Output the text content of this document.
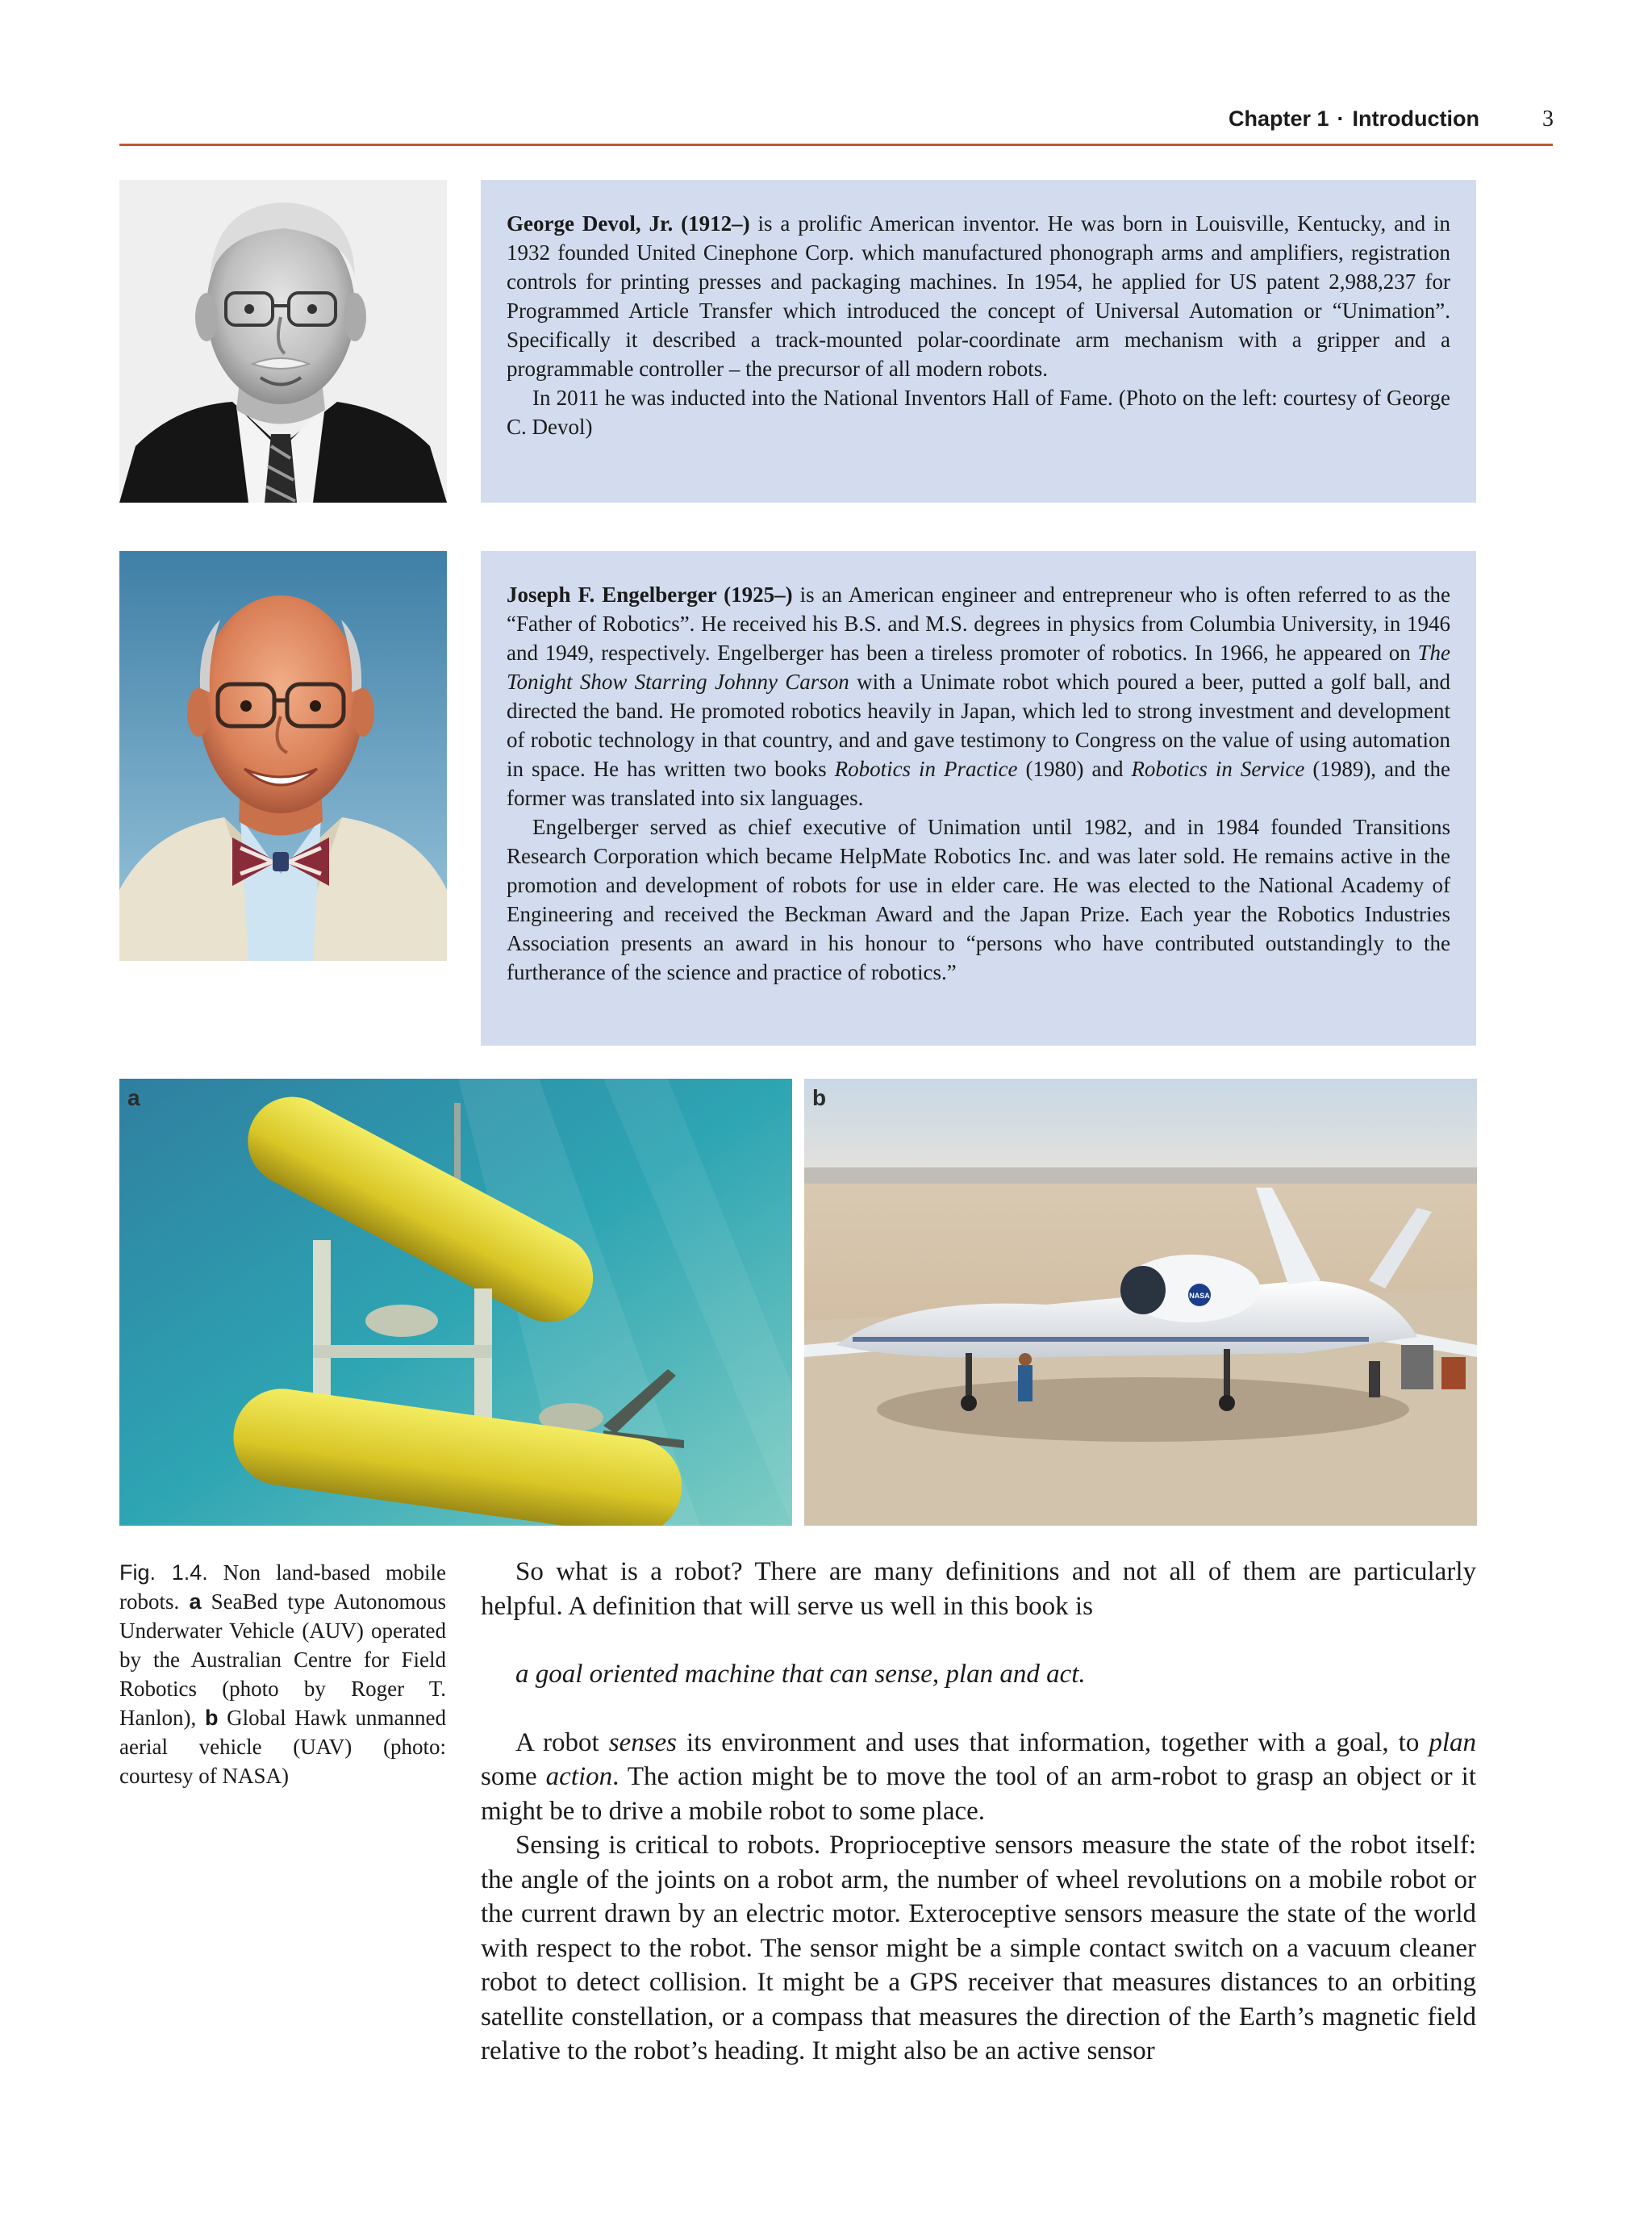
Chapter 1 · Introduction	3

George Devol, Jr. (1912–) is a prolific American inventor. He was born in Louisville, Kentucky, and in 1932 founded United Cinephone Corp. which manufactured phonograph arms and amplifiers, registration controls for printing presses and packaging machines. In 1954, he applied for US patent 2,988,237 for Programmed Article Transfer which introduced the concept of Universal Automation or “Unimation”. Specifically it described a track-mounted polar-coordinate arm mechanism with a gripper and a programmable controller – the precursor of all modern robots.

In 2011 he was inducted into the National Inventors Hall of Fame. (Photo on the left: courtesy of George C. Devol)

Joseph F. Engelberger (1925–) is an American engineer and entrepreneur who is often referred to as the “Father of Robotics”. He received his B.S. and M.S. degrees in physics from Columbia University, in 1946 and 1949, respectively. Engelberger has been a tireless promoter of robotics. In 1966, he appeared on The Tonight Show Starring Johnny Carson with a Unimate robot which poured a beer, putted a golf ball, and directed the band. He promoted robotics heavily in Japan, which led to strong investment and development of robotic technology in that country, and and gave testimony to Congress on the value of using automation in space. He has written two books Robotics in Practice (1980) and Robotics in Service (1989), and the former was translated into six languages.

Engelberger served as chief executive of Unimation until 1982, and in 1984 founded Transitions Research Corporation which became HelpMate Robotics Inc. and was later sold. He remains active in the promotion and development of robots for use in elder care. He was elected to the National Academy of Engineering and received the Beckman Award and the Japan Prize. Each year the Robotics Industries Association presents an award in his honour to “persons who have contributed outstandingly to the furtherance of the science and practice of robotics.”

a
NASA
b
Fig. 1.4. Non land-based mobile robots. a SeaBed type Autonomous Underwater Vehicle (AUV) operated by the Australian Centre for Field Robotics (photo by Roger T. Hanlon), b Global Hawk unmanned aerial vehicle (UAV) (photo: courtesy of NASA)

So what is a robot? There are many definitions and not all of them are particularly helpful. A definition that will serve us well in this book is

a goal oriented machine that can sense, plan and act.

A robot senses its environment and uses that information, together with a goal, to plan some action. The action might be to move the tool of an arm-robot to grasp an object or it might be to drive a mobile robot to some place.

Sensing is critical to robots. Proprioceptive sensors measure the state of the robot itself: the angle of the joints on a robot arm, the number of wheel revolutions on a mobile robot or the current drawn by an electric motor. Exteroceptive sensors measure the state of the world with respect to the robot. The sensor might be a simple contact switch on a vacuum cleaner robot to detect collision. It might be a GPS receiver that measures distances to an orbiting satellite constellation, or a compass that measures the direction of the Earth’s magnetic field relative to the robot’s heading. It might also be an active sensor
